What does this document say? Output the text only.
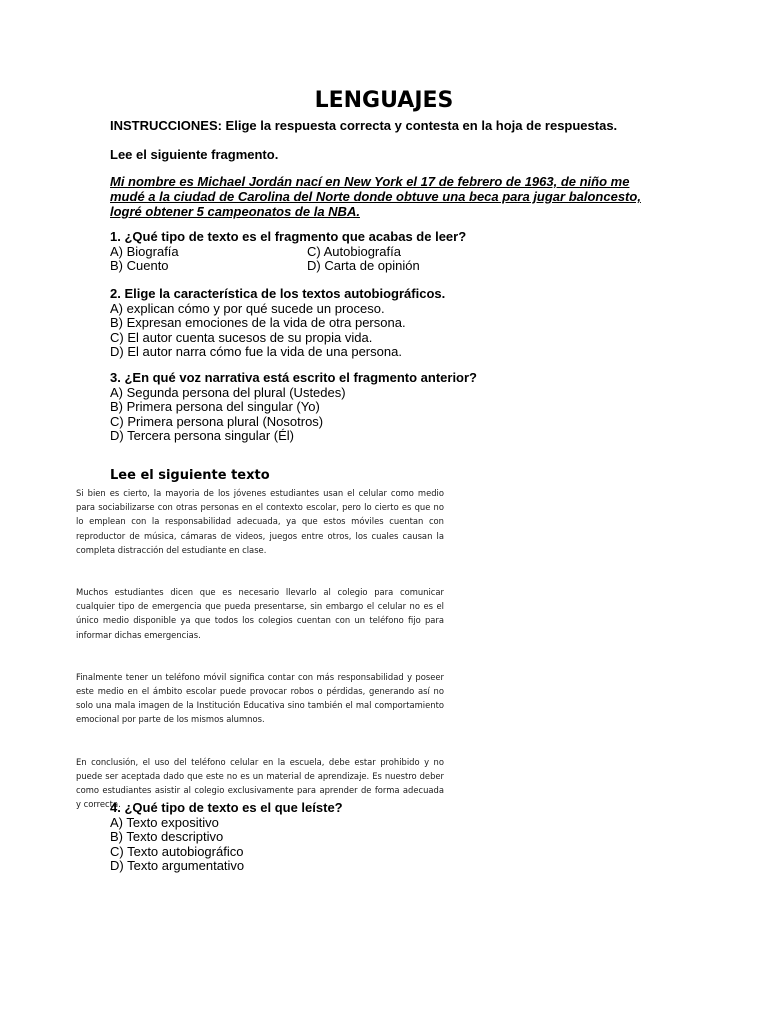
LENGUAJES
INSTRUCCIONES: Elige la respuesta correcta y contesta en la hoja de respuestas.
Lee el siguiente fragmento.
Mi nombre es Michael Jordán nací en New York el 17 de febrero de 1963, de niño me
mudé a la ciudad de Carolina del Norte donde obtuve una beca para jugar baloncesto,
logré obtener 5 campeonatos de la NBA.
1. ¿Qué tipo de texto es el fragmento que acabas de leer?
A) Biografía	C) Autobiografía
B) Cuento	D) Carta de opinión
2. Elige la característica de los textos autobiográficos.
A) explican cómo y por qué sucede un proceso.
B) Expresan emociones de la vida de otra persona.
C) El autor cuenta sucesos de su propia vida.
D) El autor narra cómo fue la vida de una persona.
3. ¿En qué voz narrativa está escrito el fragmento anterior?
A) Segunda persona del plural (Ustedes)
B) Primera persona del singular (Yo)
C) Primera persona plural (Nosotros)
D) Tercera persona singular (Él)
Lee el siguiente texto

Si bien es cierto, la mayoria de los jóvenes estudiantes usan el celular como medio para sociabilizarse con otras personas en el contexto escolar, pero lo cierto es que no lo emplean con la responsabilidad adecuada, ya que estos móviles cuentan con reproductor de música, cámaras de videos, juegos entre otros, los cuales causan la completa distracción del estudiante en clase.

Muchos estudiantes dicen que es necesario llevarlo al colegio para comunicar cualquier tipo de emergencia que pueda presentarse, sin embargo el celular no es el único medio disponible ya que todos los colegios cuentan con un teléfono fijo para informar dichas emergencias.

Finalmente tener un teléfono móvil significa contar con más responsabilidad y poseer este medio en el ámbito escolar puede provocar robos o pérdidas, generando así no solo una mala imagen de la Institución Educativa sino también el mal comportamiento emocional por parte de los mismos alumnos.

En conclusión, el uso del teléfono celular en la escuela, debe estar prohibido y no puede ser aceptada dado que este no es un material de aprendizaje. Es nuestro deber como estudiantes asistir al colegio exclusivamente para aprender de forma adecuada y correcta.

4. ¿Qué tipo de texto es el que leíste?
A) Texto expositivo
B) Texto descriptivo
C) Texto autobiográfico
D) Texto argumentativo
